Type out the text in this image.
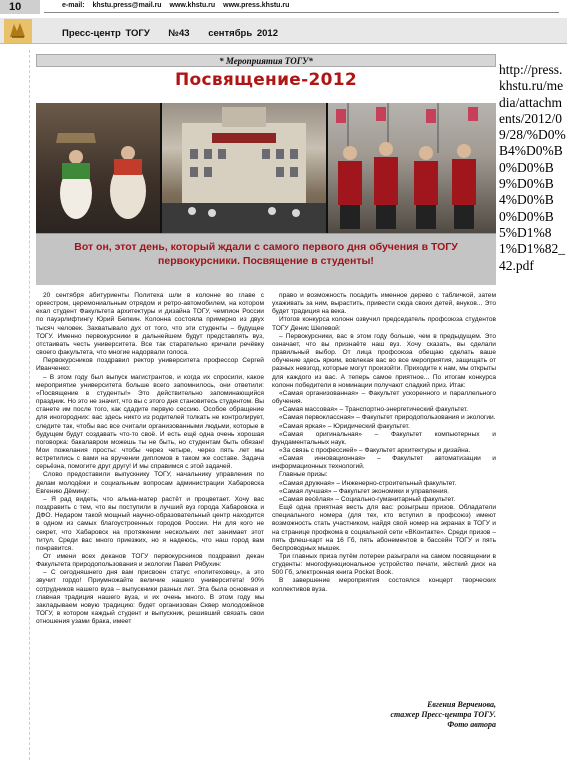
10	e-mail: khstu.press@mail.ru www.khstu.ru www.press.khstu.ru
Пресс-центр ТОГУ №43 сентябрь 2012
* Мероприятия ТОГУ*
Посвящение-2012
Вот он, этот день, который ждали с самого первого дня обучения в ТОГУ первокурсники. Посвящение в студенты!
http://press.khstu.ru/media/attachments/2012/09/28/%D0%B4%D0%B0%D0%B9%D0%B4%D0%B0%D0%B5%D1%81%D1%82_42.pdf

20 сентября абитуриенты Политеха шли в колонне во главе с оркестром, церемониальным отрядом и ретро-автомобилем, на котором ехал студент Факультета архитектуры и дизайна ТОГУ, чемпион России по пауэрлифтингу Юрий Белкин. Колонна состояла примерно из двух тысяч человек. Захватывало дух от того, что эти студенты – будущее ТОГУ. Именно первокурсники в дальнейшем будут представлять вуз, отстаивать честь университета. Все так старательно кричали речёвку своего факультета, что многие надорвали голоса.

Первокурсников поздравил ректор университета профессор Сергей Иванченко:

– В этом году был выпуск магистрантов, и когда их спросили, какое мероприятие университета больше всего запомнилось, они ответили: «Посвящение в студенты!» Это действительно запоминающийся праздник. Но это не значит, что вы с этого дня становитесь студентом. Вы станете им после того, как сдадите первую сессию. Особое обращение для иногородних: вас здесь никто из родителей толкать не контролирует, следите так, чтобы вас все считали организованными людьми, которые в будущем будут создавать что-то своё. И есть ещё одна очень хорошая поговорка: бакалавром можешь ты не быть, но студентам быть обязан! Мои пожелания просты: чтобы через четыре, через пять лет мы встретились с вами на вручении дипломов в таком же составе. Задача серьёзна, помогите друг другу! И мы справимся с этой задачей.

Слово предоставили выпускнику ТОГУ, начальнику управления по делам молодёжи и социальным вопросам администрации Хабаровска Евгению Дёмину:

– Я рад видеть, что альма-матер растёт и процветает. Хочу вас поздравить с тем, что вы поступили в лучший вуз города Хабаровска и ДФО. Недаром такой мощный научно-образовательный центр находится в одном из самых благоустроенных городов России. Ни для кого не секрет, что Хабаровск на протяжении нескольких лет занимает этот титул. Среди вас много приезжих, но я надеюсь, что наш город вам понравится.

От имени всех деканов ТОГУ первокурсников поздравил декан Факультета природопользования и экологии Павел Рябухин:

– С сегодняшнего дня вам присвоен статус «политеховец», а это звучит гордо! Приумножайте величие нашего университета! 90% сотрудников нашего вуза – выпускники разных лет. Эта была основная и главная традиция нашего вуза, и их очень много. В этом году мы закладываем новую традицию: будет организован Сквер молодожёнов ТОГУ, в котором каждый студент и выпускник, решивший связать свои отношения узами брака, имеет

право и возможность посадить именное дерево с табличкой, затем ухаживать за ним, вырастить, привести сюда своих детей, внуков... Это будет традиция на века.

Итогов конкурса колонн озвучил председатель профсоюза студентов ТОГУ Денис Шелевой:

– Первокурсники, вас в этом году больше, чем в предыдущем. Это означает, что вы признаёте наш вуз. Хочу сказать, вы сделали правильный выбор. От лица профсоюза обещаю сделать ваше обучение здесь ярким, вовлекая вас во все мероприятия, защищать от разных невзгод, которые могут произойти. Приходите к нам, мы открыты для каждого из вас. А теперь самое приятное... По итогам конкурса колонн победители в номинации получают сладкий приз. Итак:

«Самая организованная» – Факультет ускоренного и параллельного обучения.

«Самая массовая» – Транспортно-энергетический факультет.

«Самая первокласcная» – Факультет природопользования и экологии.

«Самая яркая» – Юридический факультет.

«Самая оригинальная» – Факультет компьютерных и фундаментальных наук.

«За связь с профессией» – Факультет архитектуры и дизайна.

«Самая инновационная» – Факультет автоматизации и информационных технологий.

Главные призы:

«Самая дружная» – Инженерно-строительный факультет.

«Самая лучшая» – Факультет экономики и управления.

«Самая весёлая» – Социально-гуманитарный факультет.

Ещё одна приятная весть для вас: розыгрыш призов. Обладатели специального номера (для тех, кто вступил в профсоюз) имеют возможность стать участником, найдя свой номер на экранах в ТОГУ и на странице профкома в социальной сети «ВКонтакте». Среди призов – пять флеш-карт на 16 Гб, пять абонементов в бассейн ТОГУ и пять беспроводных мышек.

Три главных приза путём лотереи разыграли на самом посвящении в студенты: многофункциональное устройство печати, жёсткий диск на 500 Гб, электронная книга Pocket Book.

В завершение мероприятия состоялся концерт творческих коллективов вуза.

Евгения Верченова,
стажер Пресс-центра ТОГУ.
Фото автора
